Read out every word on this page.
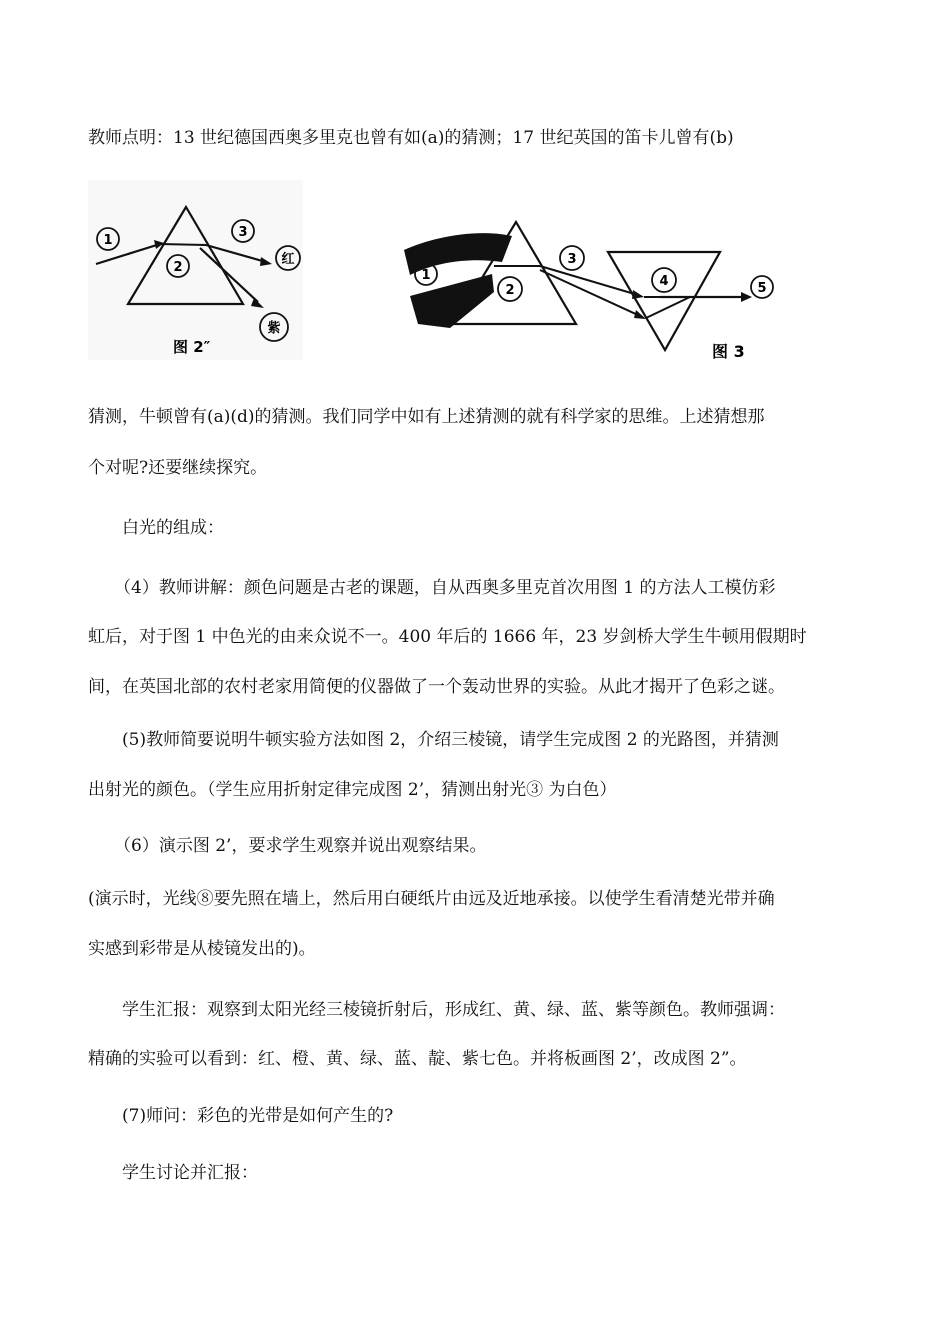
教师点明：13 世纪德国西奥多里克也曾有如(a)的猜测；17 世纪英国的笛卡儿曾有(b)
1
2
3
红
紫
图 2″
1
2
3
4	5
图 3
猜测，牛顿曾有(a)(d)的猜测。我们同学中如有上述猜测的就有科学家的思维。上述猜想那
个对呢?还要继续探究。
白光的组成：
（4）教师讲解：颜色问题是古老的课题，自从西奥多里克首次用图 1 的方法人工模仿彩
虹后，对于图 1 中色光的由来众说不一。400 年后的 1666 年，23 岁剑桥大学生牛顿用假期时
间，在英国北部的农村老家用简便的仪器做了一个轰动世界的实验。从此才揭开了色彩之谜。
(5)教师简要说明牛顿实验方法如图 2，介绍三棱镜，请学生完成图 2 的光路图，并猜测
出射光的颜色。（学生应用折射定律完成图 2’，猜测出射光③ 为白色）
（6）演示图 2’，要求学生观察并说出观察结果。
(演示时，光线⑧要先照在墙上，然后用白硬纸片由远及近地承接。以使学生看清楚光带并确
实感到彩带是从棱镜发出的)。
学生汇报：观察到太阳光经三棱镜折射后，形成红、黄、绿、蓝、紫等颜色。教师强调：
精确的实验可以看到：红、橙、黄、绿、蓝、靛、紫七色。并将板画图 2’，改成图 2”。
(7)师问：彩色的光带是如何产生的?
学生讨论并汇报：
